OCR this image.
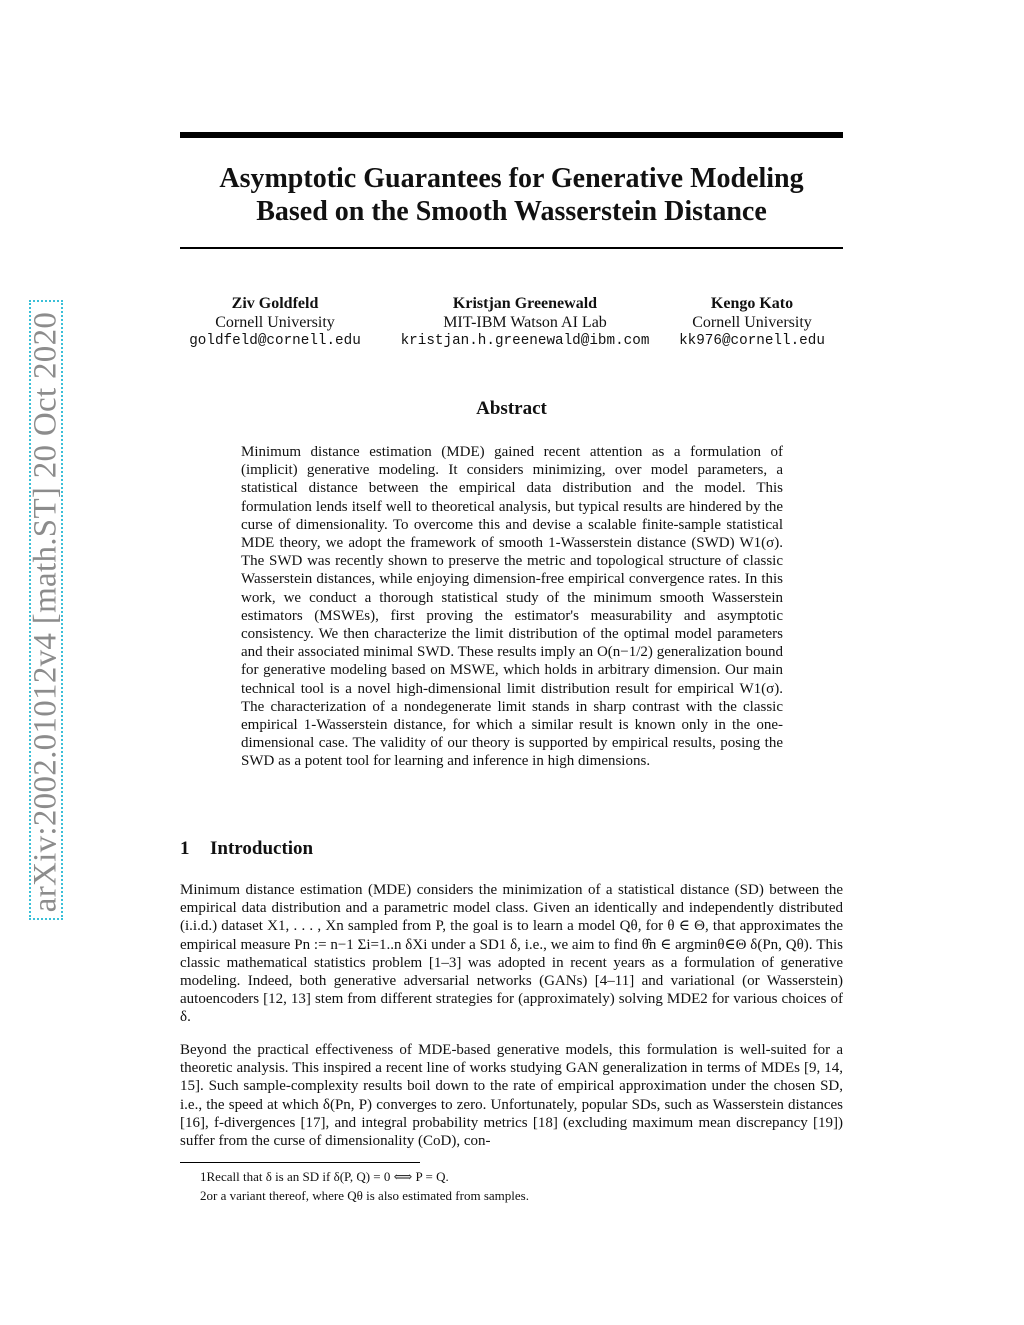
arXiv:2002.01012v4 [math.ST] 20 Oct 2020
Asymptotic Guarantees for Generative Modeling
Based on the Smooth Wasserstein Distance
Ziv Goldfeld
Cornell University
goldfeld@cornell.edu
Kristjan Greenewald
MIT-IBM Watson AI Lab
kristjan.h.greenewald@ibm.com
Kengo Kato
Cornell University
kk976@cornell.edu
Abstract

Minimum distance estimation (MDE) gained recent attention as a formulation of (implicit) generative modeling. It considers minimizing, over model parameters, a statistical distance between the empirical data distribution and the model. This formulation lends itself well to theoretical analysis, but typical results are hindered by the curse of dimensionality. To overcome this and devise a scalable finite-sample statistical MDE theory, we adopt the framework of smooth 1-Wasserstein distance (SWD) W1(σ). The SWD was recently shown to preserve the metric and topological structure of classic Wasserstein distances, while enjoying dimension-free empirical convergence rates. In this work, we conduct a thorough statistical study of the minimum smooth Wasserstein estimators (MSWEs), first proving the estimator's measurability and asymptotic consistency. We then characterize the limit distribution of the optimal model parameters and their associated minimal SWD. These results imply an O(n−1/2) generalization bound for generative modeling based on MSWE, which holds in arbitrary dimension. Our main technical tool is a novel high-dimensional limit distribution result for empirical W1(σ). The characterization of a nondegenerate limit stands in sharp contrast with the classic empirical 1-Wasserstein distance, for which a similar result is known only in the one-dimensional case. The validity of our theory is supported by empirical results, posing the SWD as a potent tool for learning and inference in high dimensions.

1 Introduction

Minimum distance estimation (MDE) considers the minimization of a statistical distance (SD) between the empirical data distribution and a parametric model class. Given an identically and independently distributed (i.i.d.) dataset X1, . . . , Xn sampled from P, the goal is to learn a model Qθ, for θ ∈ Θ, that approximates the empirical measure Pn := n−1 Σi=1..n δXi under a SD1 δ, i.e., we aim to find θ̂n ∈ argminθ∈Θ δ(Pn, Qθ). This classic mathematical statistics problem [1–3] was adopted in recent years as a formulation of generative modeling. Indeed, both generative adversarial networks (GANs) [4–11] and variational (or Wasserstein) autoencoders [12, 13] stem from different strategies for (approximately) solving MDE2 for various choices of δ.

Beyond the practical effectiveness of MDE-based generative models, this formulation is well-suited for a theoretic analysis. This inspired a recent line of works studying GAN generalization in terms of MDEs [9, 14, 15]. Such sample-complexity results boil down to the rate of empirical approximation under the chosen SD, i.e., the speed at which δ(Pn, P) converges to zero. Unfortunately, popular SDs, such as Wasserstein distances [16], f-divergences [17], and integral probability metrics [18] (excluding maximum mean discrepancy [19]) suffer from the curse of dimensionality (CoD), con-

1Recall that δ is an SD if δ(P, Q) = 0 ⟺ P = Q.
2or a variant thereof, where Qθ is also estimated from samples.
